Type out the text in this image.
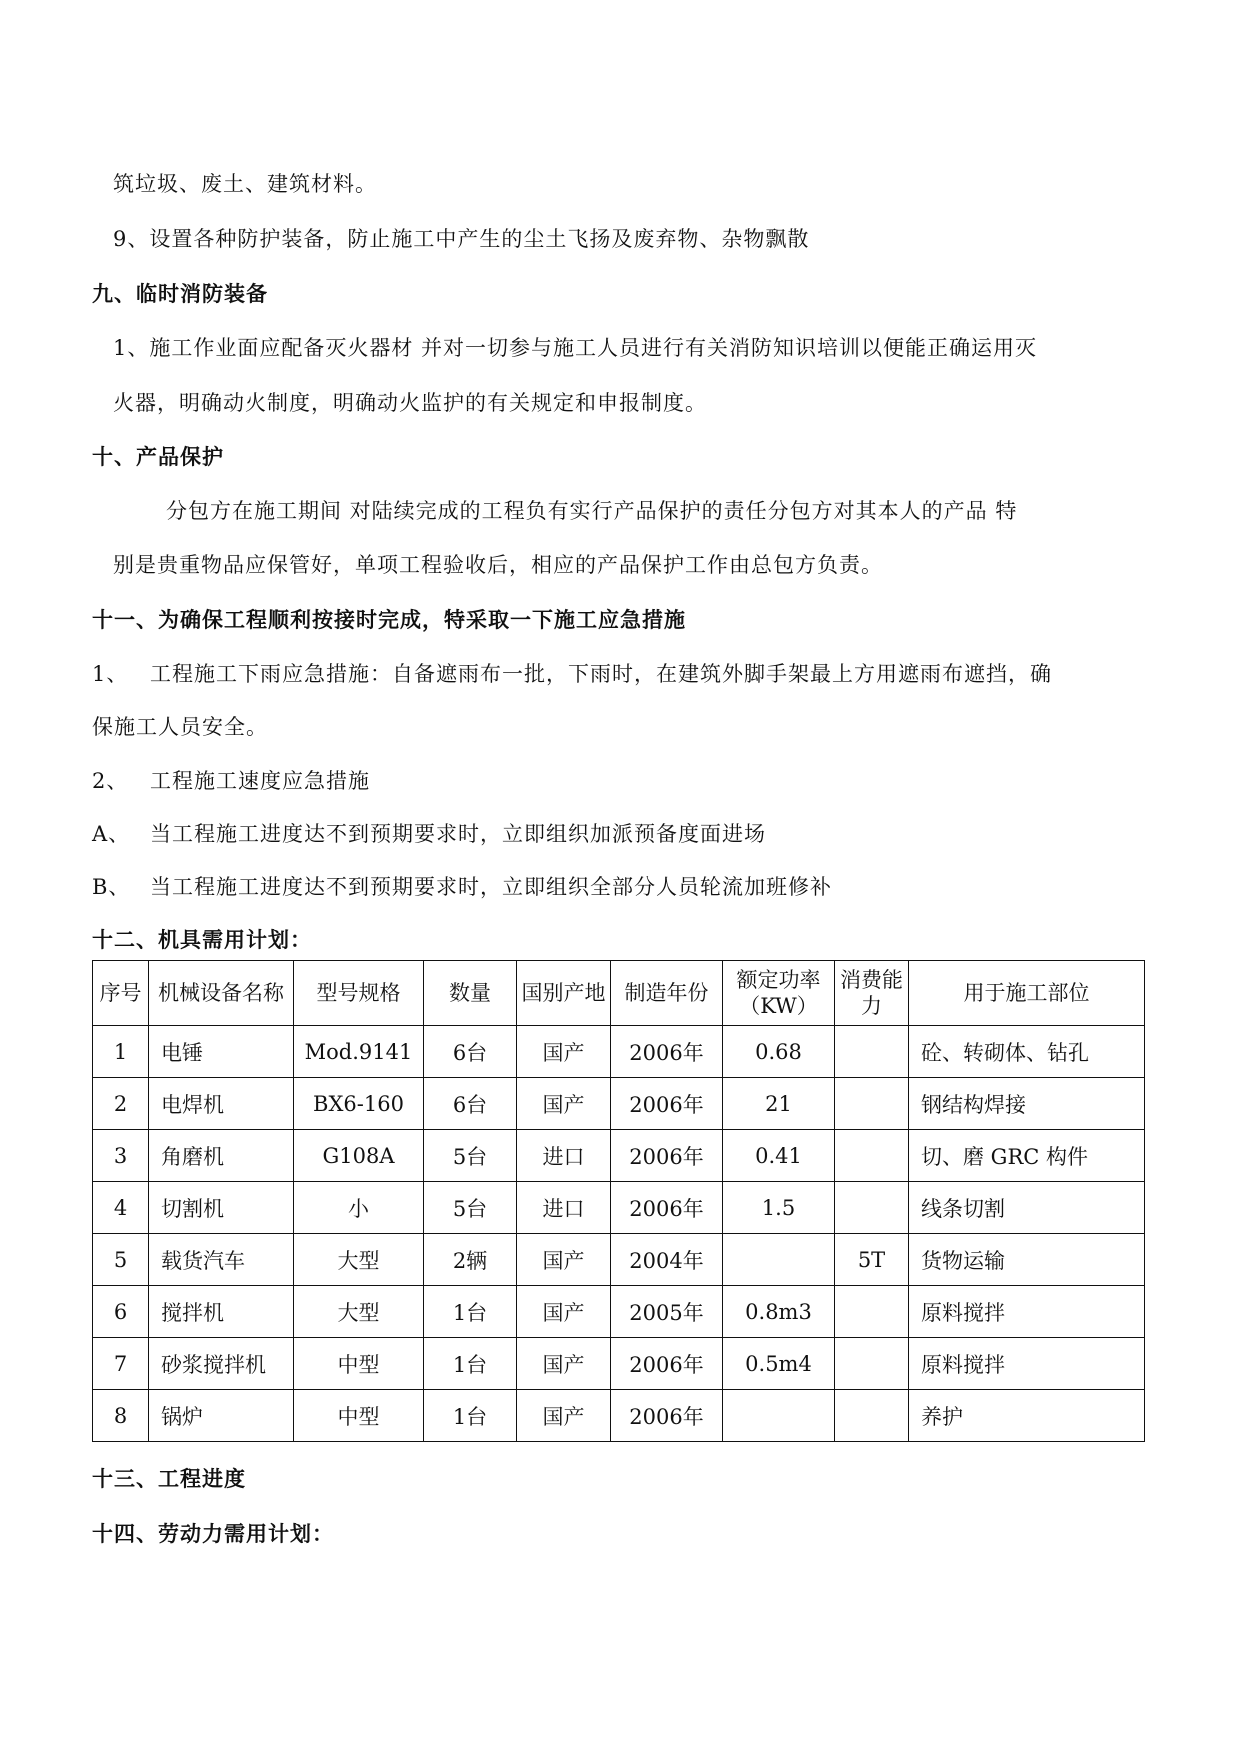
筑垃圾、废土、建筑材料。
9、设置各种防护装备，防止施工中产生的尘土飞扬及废弃物、杂物飘散
九、临时消防装备
1、施工作业面应配备灭火器材 并对一切参与施工人员进行有关消防知识培训以便能正确运用灭
火器，明确动火制度，明确动火监护的有关规定和申报制度。
十、产品保护
分包方在施工期间 对陆续完成的工程负有实行产品保护的责任分包方对其本人的产品 特
别是贵重物品应保管好，单项工程验收后，相应的产品保护工作由总包方负责。
十一、为确保工程顺利按接时完成，特采取一下施工应急措施
1、 工程施工下雨应急措施：自备遮雨布一批，下雨时，在建筑外脚手架最上方用遮雨布遮挡，确
保施工人员安全。
2、 工程施工速度应急措施
A、 当工程施工进度达不到预期要求时，立即组织加派预备度面进场
B、 当工程施工进度达不到预期要求时，立即组织全部分人员轮流加班修补
十二、机具需用计划：
序号	机械设备名称	型号规格	数量	国别产地	制造年份	额定功率（KW）	消费能力	用于施工部位
1	电锤	Mod.9141	6台	国产	2006年	0.68		砼、转砌体、钻孔
2	电焊机	BX6-160	6台	国产	2006年	21		钢结构焊接
3	角磨机	G108A	5台	进口	2006年	0.41		切、磨 GRC 构件
4	切割机	小	5台	进口	2006年	1.5		线条切割
5	载货汽车	大型	2辆	国产	2004年		5T	货物运输
6	搅拌机	大型	1台	国产	2005年	0.8m3		原料搅拌
7	砂浆搅拌机	中型	1台	国产	2006年	0.5m4		原料搅拌
8	锅炉	中型	1台	国产	2006年			养护
十三、工程进度
十四、劳动力需用计划：
